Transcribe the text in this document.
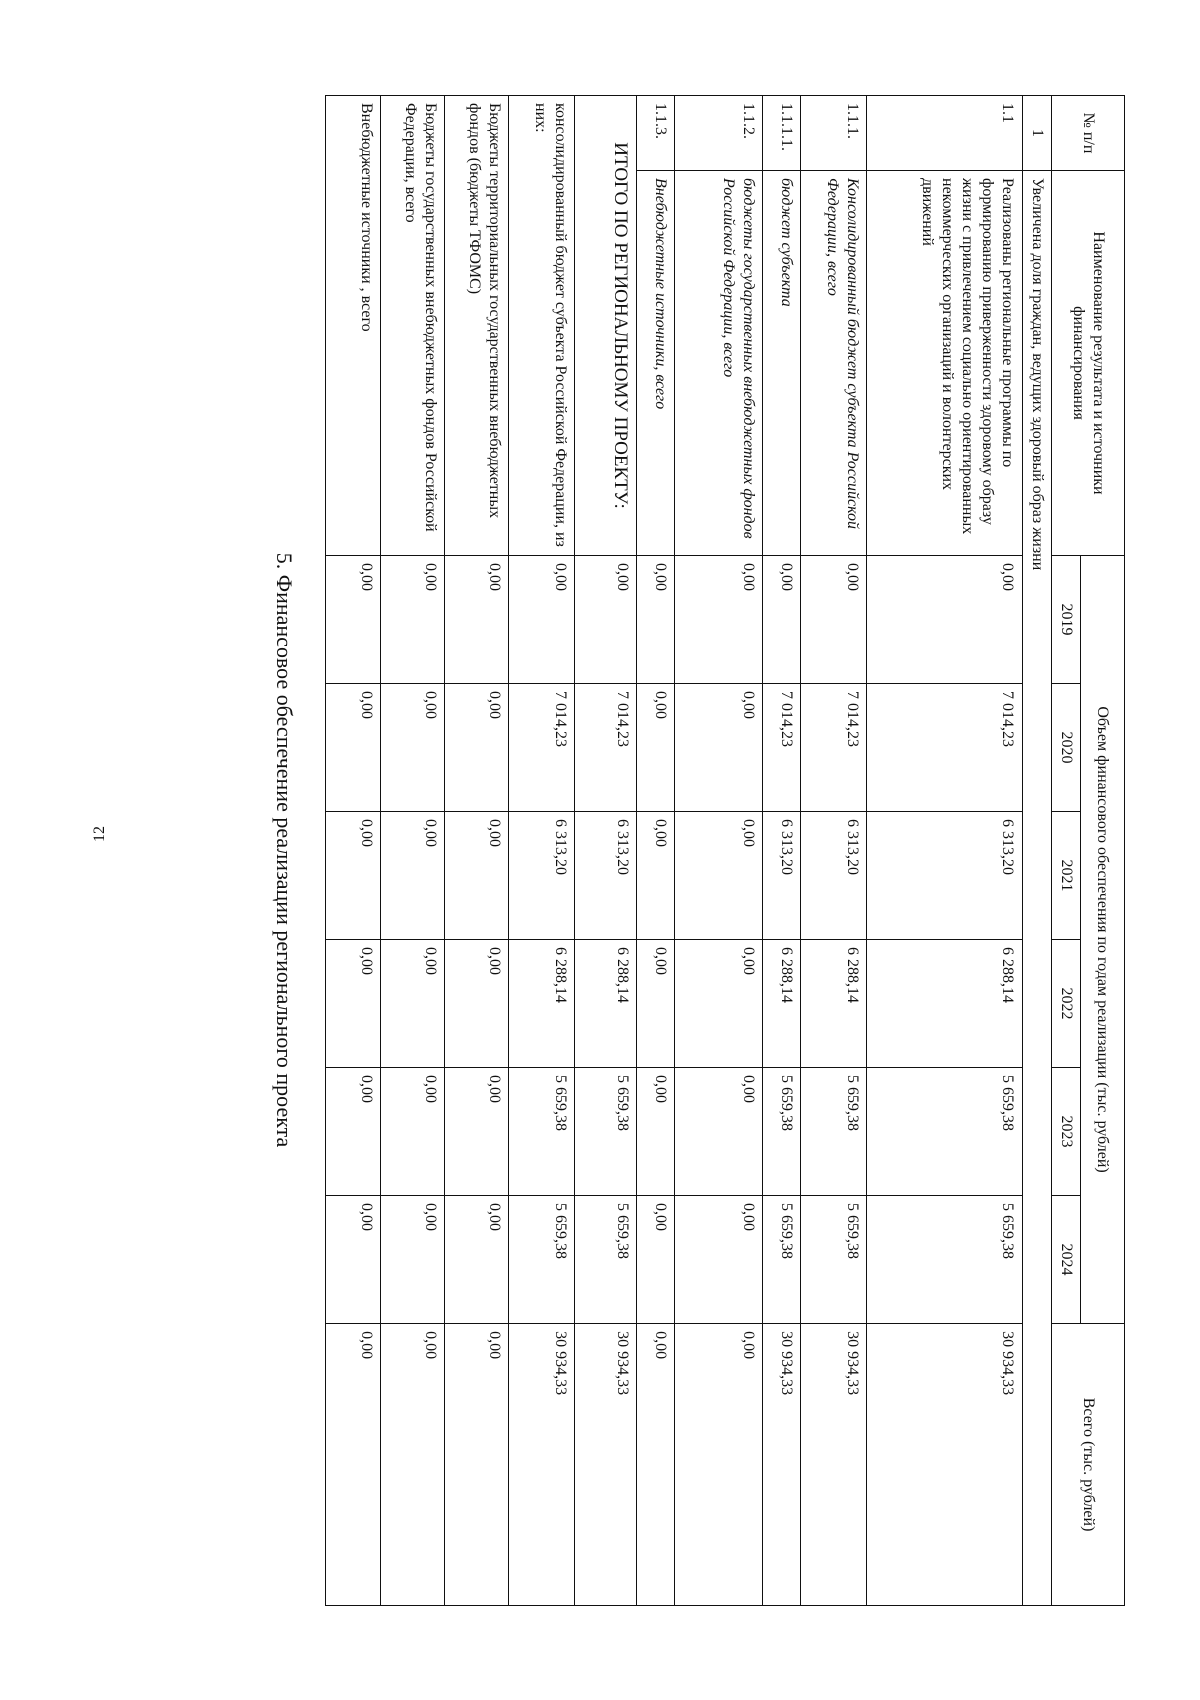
12
№ п/п	Наименование результата и источники финансирования	Объем финансового обеспечения по годам реализации (тыс. рублей)						Всего (тыс. рублей)
		2019	2020	2021	2022	2023	2024	
1	Увеличена доля граждан, ведущих здоровый образ жизни							
1.1	Реализованы региональные программы по формированию приверженности здоровому образу жизни с привлечением социально ориентированных некоммерческих организаций и волонтерских движений	0,00	7 014,23	6 313,20	6 288,14	5 659,38	5 659,38	30 934,33
1.1.1.	Консолидированный бюджет субъекта Российской Федерации, всего	0,00	7 014,23	6 313,20	6 288,14	5 659,38	5 659,38	30 934,33
1.1.1.1.	бюджет субъекта	0,00	7 014,23	6 313,20	6 288,14	5 659,38	5 659,38	30 934,33
1.1.2.	бюджеты государственных внебюджетных фондов Российской Федерации, всего	0,00	0,00	0,00	0,00	0,00	0,00	0,00
1.1.3.	Внебюджетные источники, всего	0,00	0,00	0,00	0,00	0,00	0,00	0,00
ИТОГО ПО РЕГИОНАЛЬНОМУ ПРОЕКТУ:		0,00	7 014,23	6 313,20	6 288,14	5 659,38	5 659,38	30 934,33
консолидированный бюджет субъекта Российской Федерации, из них:		0,00	7 014,23	6 313,20	6 288,14	5 659,38	5 659,38	30 934,33
Бюджеты территориальных государственных внебюджетных фондов (бюджеты ТФОМС)		0,00	0,00	0,00	0,00	0,00	0,00	0,00
Бюджеты государственных внебюджетных фондов Российской Федерации, всего		0,00	0,00	0,00	0,00	0,00	0,00	0,00
Внебюджетные источники , всего		0,00	0,00	0,00	0,00	0,00	0,00	0,00
5. Финансовое обеспечение реализации регионального проекта
